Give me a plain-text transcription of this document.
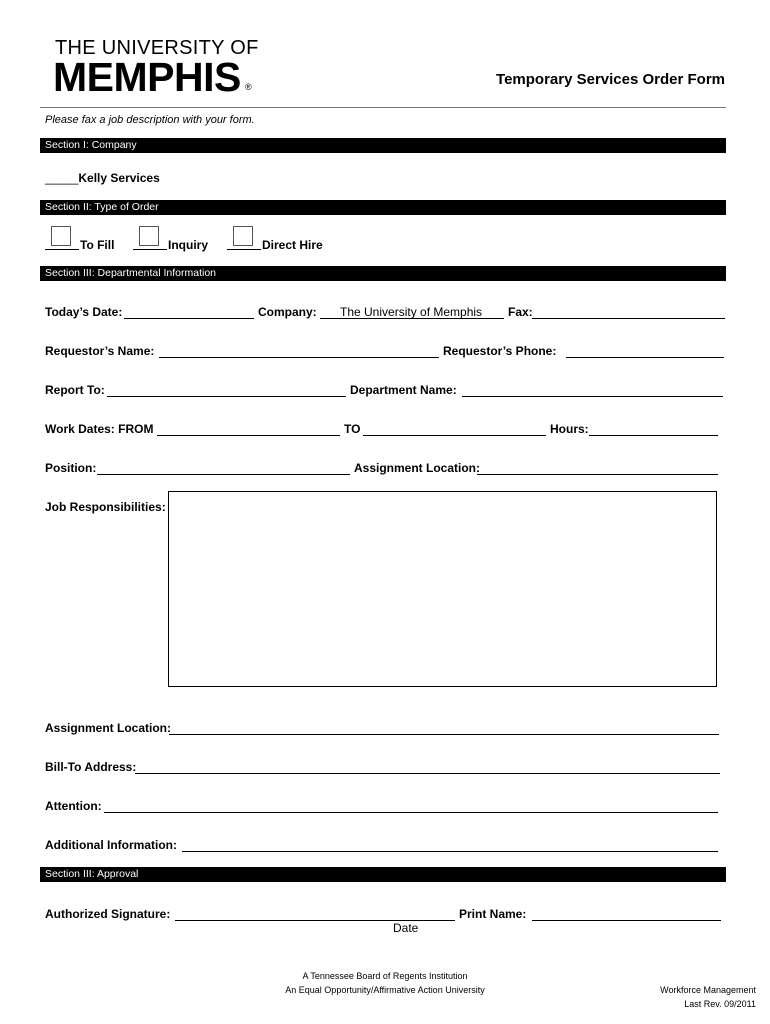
THE UNIVERSITY OF
MEMPHIS ®	Temporary Services Order Form
Please fax a job description with your form.
Section I: Company
_____Kelly Services
Section II: Type of Order
To Fill	Inquiry	Direct Hire
Section III: Departmental Information
Today’s Date:	Company: The University of Memphis Fax:
Requestor’s Name:	Requestor’s Phone:
Report To:	Department Name:
Work Dates: FROM	TO	Hours:
Position:	Assignment Location:
Job Responsibilities:
Assignment Location:
Bill-To Address:
Attention:
Additional Information:
Section III: Approval
Authorized Signature:
Date
Print Name:
A Tennessee Board of Regents Institution
An Equal Opportunity/Affirmative Action University	Workforce Management
Last Rev. 09/2011
